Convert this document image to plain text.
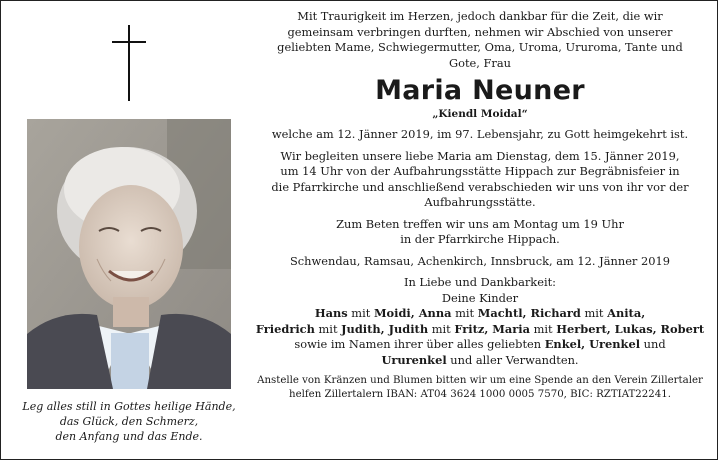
Leg alles still in Gottes heilige Hände,
das Glück, den Schmerz,
den Anfang und das Ende.
Mit Traurigkeit im Herzen, jedoch dankbar für die Zeit, die wir
gemeinsam verbringen durften, nehmen wir Abschied von unserer
geliebten Mame, Schwiegermutter, Oma, Uroma, Ururoma, Tante und
Gote, Frau
Maria Neuner
„Kiendl Moidal“
welche am 12. Jänner 2019, im 97. Lebensjahr, zu Gott heimgekehrt ist.
Wir begleiten unsere liebe Maria am Dienstag, dem 15. Jänner 2019,
um 14 Uhr von der Aufbahrungsstätte Hippach zur Begräbnisfeier in
die Pfarrkirche und anschließend verabschieden wir uns von ihr vor der
Aufbahrungsstätte.
Zum Beten treffen wir uns am Montag um 19 Uhr
in der Pfarrkirche Hippach.
Schwendau, Ramsau, Achenkirch, Innsbruck, am 12. Jänner 2019
In Liebe und Dankbarkeit:
Deine Kinder
Hans mit Moidi, Anna mit Machtl, Richard mit Anita,
Friedrich mit Judith, Judith mit Fritz, Maria mit Herbert, Lukas, Robert
sowie im Namen ihrer über alles geliebten Enkel, Urenkel und
Ururenkel und aller Verwandten.
Anstelle von Kränzen und Blumen bitten wir um eine Spende an den Verein Zillertaler
helfen Zillertalern IBAN: AT04 3624 1000 0005 7570, BIC: RZTIAT22241.
